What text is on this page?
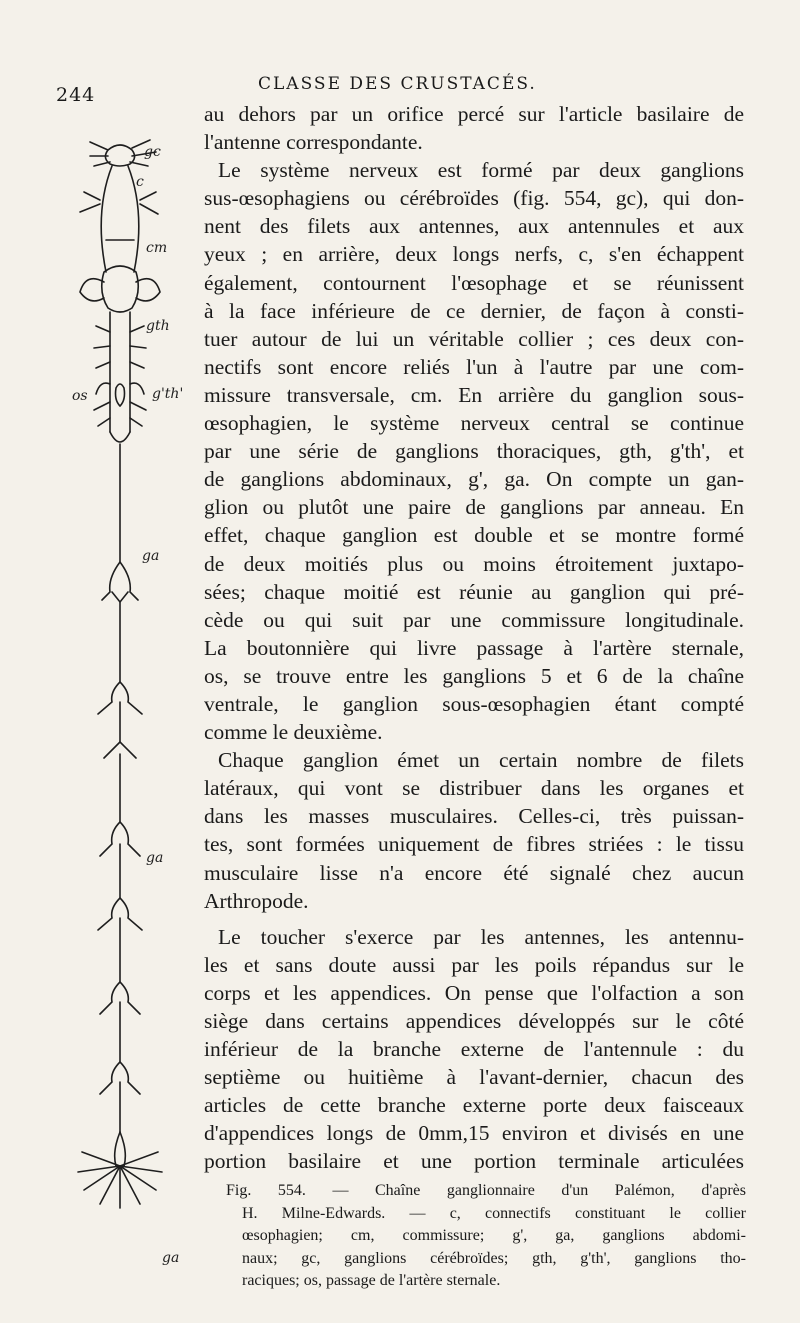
244	CLASSE DES CRUSTACÉS.
gc
c
cm
gth
os	g'th'
ga
ga
ga
au dehors par un orifice percé sur l'article basilaire de
l'antenne correspondante.
Le système nerveux est formé par deux ganglions
sus-œsophagiens ou cérébroïdes (fig. 554, gc), qui don-
nent des filets aux antennes, aux antennules et aux
yeux ; en arrière, deux longs nerfs, c, s'en échappent
également, contournent l'œsophage et se réunissent
à la face inférieure de ce dernier, de façon à consti-
tuer autour de lui un véritable collier ; ces deux con-
nectifs sont encore reliés l'un à l'autre par une com-
missure transversale, cm. En arrière du ganglion sous-
œsophagien, le système nerveux central se continue
par une série de ganglions thoraciques, gth, g'th', et
de ganglions abdominaux, g', ga. On compte un gan-
glion ou plutôt une paire de ganglions par anneau. En
effet, chaque ganglion est double et se montre formé
de deux moitiés plus ou moins étroitement juxtapo-
sées; chaque moitié est réunie au ganglion qui pré-
cède ou qui suit par une commissure longitudinale.
La boutonnière qui livre passage à l'artère sternale,
os, se trouve entre les ganglions 5 et 6 de la chaîne
ventrale, le ganglion sous-œsophagien étant compté
comme le deuxième.
Chaque ganglion émet un certain nombre de filets
latéraux, qui vont se distribuer dans les organes et
dans les masses musculaires. Celles-ci, très puissan-
tes, sont formées uniquement de fibres striées : le tissu
musculaire lisse n'a encore été signalé chez aucun
Arthropode.
Le toucher s'exerce par les antennes, les antennu-
les et sans doute aussi par les poils répandus sur le
corps et les appendices. On pense que l'olfaction a son
siège dans certains appendices développés sur le côté
inférieur de la branche externe de l'antennule : du
septième ou huitième à l'avant-dernier, chacun des
articles de cette branche externe porte deux faisceaux
d'appendices longs de 0mm,15 environ et divisés en une
portion basilaire et une portion terminale articulées
Fig. 554. — Chaîne ganglionnaire d'un Palémon, d'après
H. Milne-Edwards. — c, connectifs constituant le collier
œsophagien; cm, commissure; g', ga, ganglions abdomi-
naux; gc, ganglions cérébroïdes; gth, g'th', ganglions tho-
raciques; os, passage de l'artère sternale.
